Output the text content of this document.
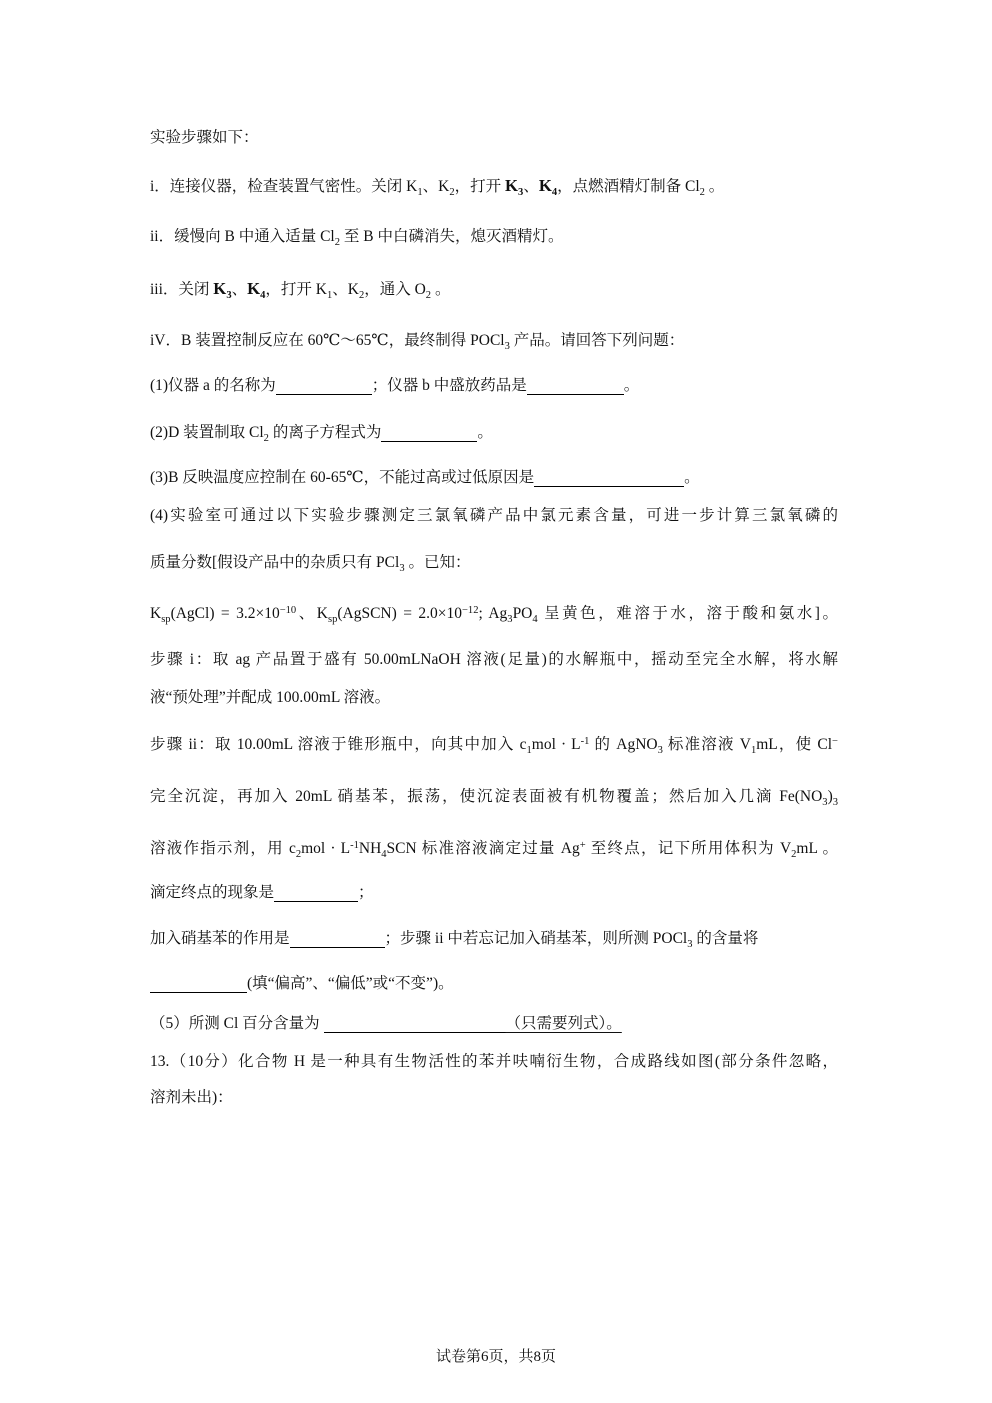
实验步骤如下：
i．连接仪器，检查装置气密性。关闭 $K_1$、$K_2$，打开 $K_3$、$K_4$，点燃酒精灯制备 $Cl_2$ 。
ii．缓慢向 B 中通入适量 $Cl_2$ 至 B 中白磷消失，熄灭酒精灯。
iii．关闭 $K_3$、$K_4$，打开 $K_1$、$K_2$，通入 $O_2$ 。
iV．B 装置控制反应在 60℃～65℃，最终制得 POCl$_3$ 产品。请回答下列问题：
(1)仪器 a 的名称为	；仪器 b 中盛放药品是	。
(2)D 装置制取 $Cl_2$ 的离子方程式为	。
(3)B 反映温度应控制在 60-65℃，不能过高或过低原因是	。
(4)实验室可通过以下实验步骤测定三氯氧磷产品中氯元素含量，可进一步计算三氯氧磷的
质量分数[假设产品中的杂质只有 PCl$_3$ 。已知：
$K_{sp}(AgCl) = 3.2\times 10^{-10}$、$K_{sp}(AgSCN) = 2.0\times 10^{-12}$; $Ag_3PO_4$ 呈黄色，难溶于水，溶于酸和氨水]。
步骤 i：取 ag 产品置于盛有 50.00mLNaOH 溶液(足量)的水解瓶中，摇动至完全水解，将水解
液“预处理”并配成 100.00mL 溶液。
步骤 ii：取 10.00mL 溶液于锥形瓶中，向其中加入 $c_1mol \cdot L^{-1}$ 的 AgNO$_3$ 标准溶液 $V_1mL$，使 Cl−
完全沉淀，再加入 20mL 硝基苯，振荡，使沉淀表面被有机物覆盖；然后加入几滴 $Fe(NO_3)_3$
溶液作指示剂，用 $c_2mol \cdot L^{-1}NH_4SCN$ 标准溶液滴定过量 Ag+ 至终点，记下所用体积为 $V_2mL$ 。
滴定终点的现象是	；
加入硝基苯的作用是	；步骤 ii 中若忘记加入硝基苯，则所测 POCl$_3$ 的含量将
(填“偏高”、“偏低”或“不变”)。
（5）所测 Cl 百分含量为	（只需要列式）。
13.（10分）化合物 H 是一种具有生物活性的苯并呋喃衍生物，合成路线如图(部分条件忽略，
溶剂未出)：
试卷第6页，共8页
